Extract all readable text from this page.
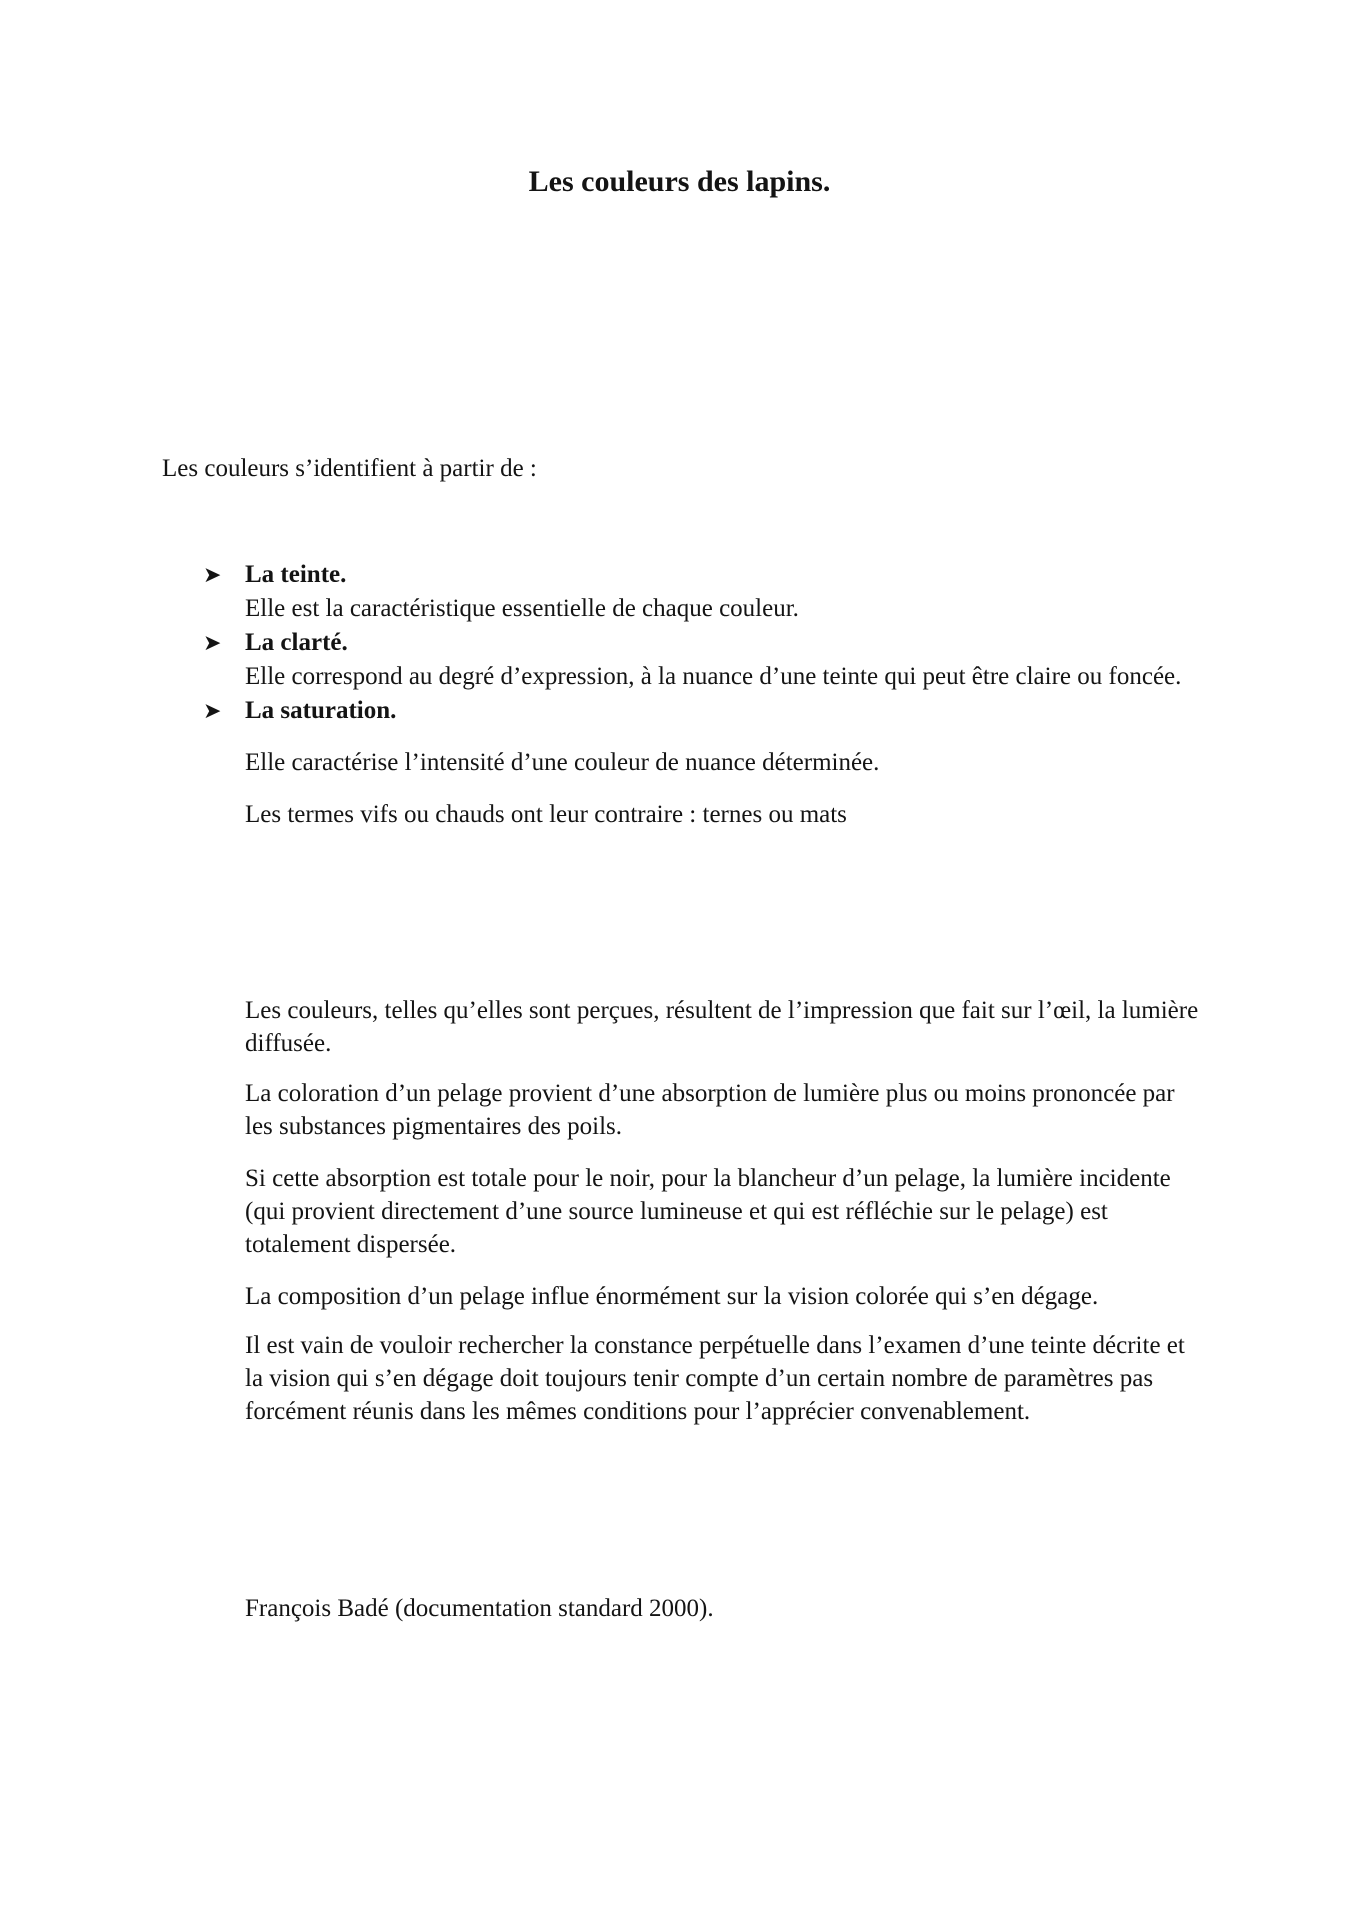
Les couleurs des lapins.

Les couleurs s’identifient à partir de :

➤ La teinte.
Elle est la caractéristique essentielle de chaque couleur.
➤ La clarté.
Elle correspond au degré d’expression, à la nuance d’une teinte qui peut être claire ou foncée.
➤ La saturation.
Elle caractérise l’intensité d’une couleur de nuance déterminée.
Les termes vifs ou chauds ont leur contraire : ternes ou mats

Les couleurs, telles qu’elles sont perçues, résultent de l’impression que fait sur l’œil, la lumière diffusée.

La coloration d’un pelage provient d’une absorption de lumière plus ou moins prononcée par les substances pigmentaires des poils.

Si cette absorption est totale pour le noir, pour la blancheur d’un pelage, la lumière incidente (qui provient directement d’une source lumineuse et qui est réfléchie sur le pelage) est totalement dispersée.

La composition d’un pelage influe énormément sur la vision colorée qui s’en dégage.

Il est vain de vouloir rechercher la constance perpétuelle dans l’examen d’une teinte décrite et la vision qui s’en dégage doit toujours tenir compte d’un certain nombre de paramètres pas forcément réunis dans les mêmes conditions pour l’apprécier convenablement.

François Badé (documentation standard 2000).
